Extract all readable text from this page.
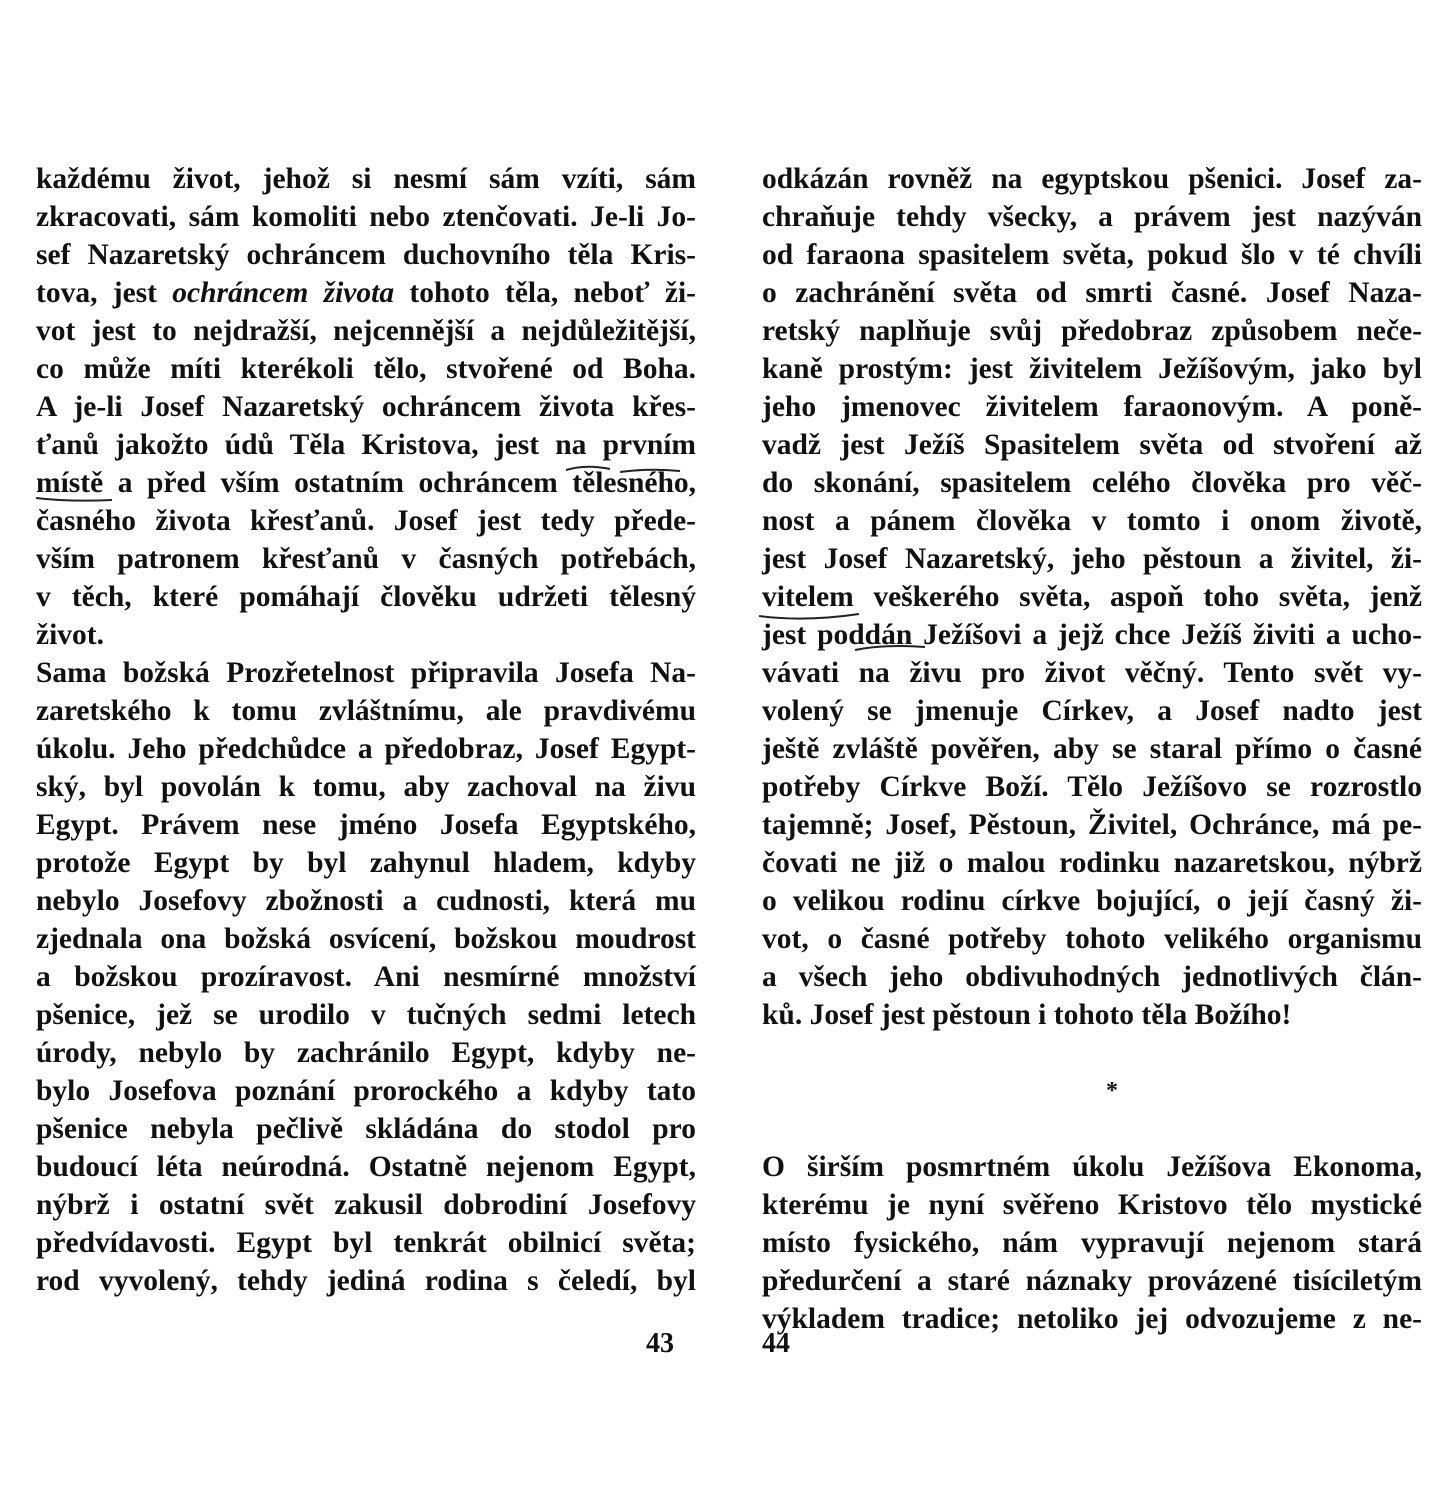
každému život, jehož si nesmí sám vzíti, sám
zkracovati, sám komoliti nebo ztenčovati. Je-li Jo-
sef Nazaretský ochráncem duchovního těla Kris-
tova, jest ochráncem života tohoto těla, neboť ži-
vot jest to nejdražší, nejcennější a nejdůležitější,
co může míti kterékoli tělo, stvořené od Boha.
A je-li Josef Nazaretský ochráncem života křes-
ťanů jakožto údů Těla Kristova, jest na prvním
místě a před vším ostatním ochráncem tělesného,
časného života křesťanů. Josef jest tedy přede-
vším patronem křesťanů v časných potřebách,
v těch, které pomáhají člověku udržeti tělesný
život.
Sama božská Prozřetelnost připravila Josefa Na-
zaretského k tomu zvláštnímu, ale pravdivému
úkolu. Jeho předchůdce a předobraz, Josef Egypt-
ský, byl povolán k tomu, aby zachoval na živu
Egypt. Právem nese jméno Josefa Egyptského,
protože Egypt by byl zahynul hladem, kdyby
nebylo Josefovy zbožnosti a cudnosti, která mu
zjednala ona božská osvícení, božskou moudrost
a božskou prozíravost. Ani nesmírné množství
pšenice, jež se urodilo v tučných sedmi letech
úrody, nebylo by zachránilo Egypt, kdyby ne-
bylo Josefova poznání prorockého a kdyby tato
pšenice nebyla pečlivě skládána do stodol pro
budoucí léta neúrodná. Ostatně nejenom Egypt,
nýbrž i ostatní svět zakusil dobrodiní Josefovy
předvídavosti. Egypt byl tenkrát obilnicí světa;
rod vyvolený, tehdy jediná rodina s čeledí, byl
odkázán rovněž na egyptskou pšenici. Josef za-
chraňuje tehdy všecky, a právem jest nazýván
od faraona spasitelem světa, pokud šlo v té chvíli
o zachránění světa od smrti časné. Josef Naza-
retský naplňuje svůj předobraz způsobem neče-
kaně prostým: jest živitelem Ježíšovým, jako byl
jeho jmenovec živitelem faraonovým. A poně-
vadž jest Ježíš Spasitelem světa od stvoření až
do skonání, spasitelem celého člověka pro věč-
nost a pánem člověka v tomto i onom životě,
jest Josef Nazaretský, jeho pěstoun a živitel, ži-
vitelem veškerého světa, aspoň toho světa, jenž
jest poddán Ježíšovi a jejž chce Ježíš živiti a ucho-
vávati na živu pro život věčný. Tento svět vy-
volený se jmenuje Církev, a Josef nadto jest
ještě zvláště pověřen, aby se staral přímo o časné
potřeby Církve Boží. Tělo Ježíšovo se rozrostlo
tajemně; Josef, Pěstoun, Živitel, Ochránce, má pe-
čovati ne již o malou rodinku nazaretskou, nýbrž
o velikou rodinu církve bojující, o její časný ži-
vot, o časné potřeby tohoto velikého organismu
a všech jeho obdivuhodných jednotlivých člán-
ků. Josef jest pěstoun i tohoto těla Božího!
*
O širším posmrtném úkolu Ježíšova Ekonoma,
kterému je nyní svěřeno Kristovo tělo mystické
místo fysického, nám vypravují nejenom stará
předurčení a staré náznaky provázené tisíciletým
výkladem tradice; netoliko jej odvozujeme z ne-
43	44
